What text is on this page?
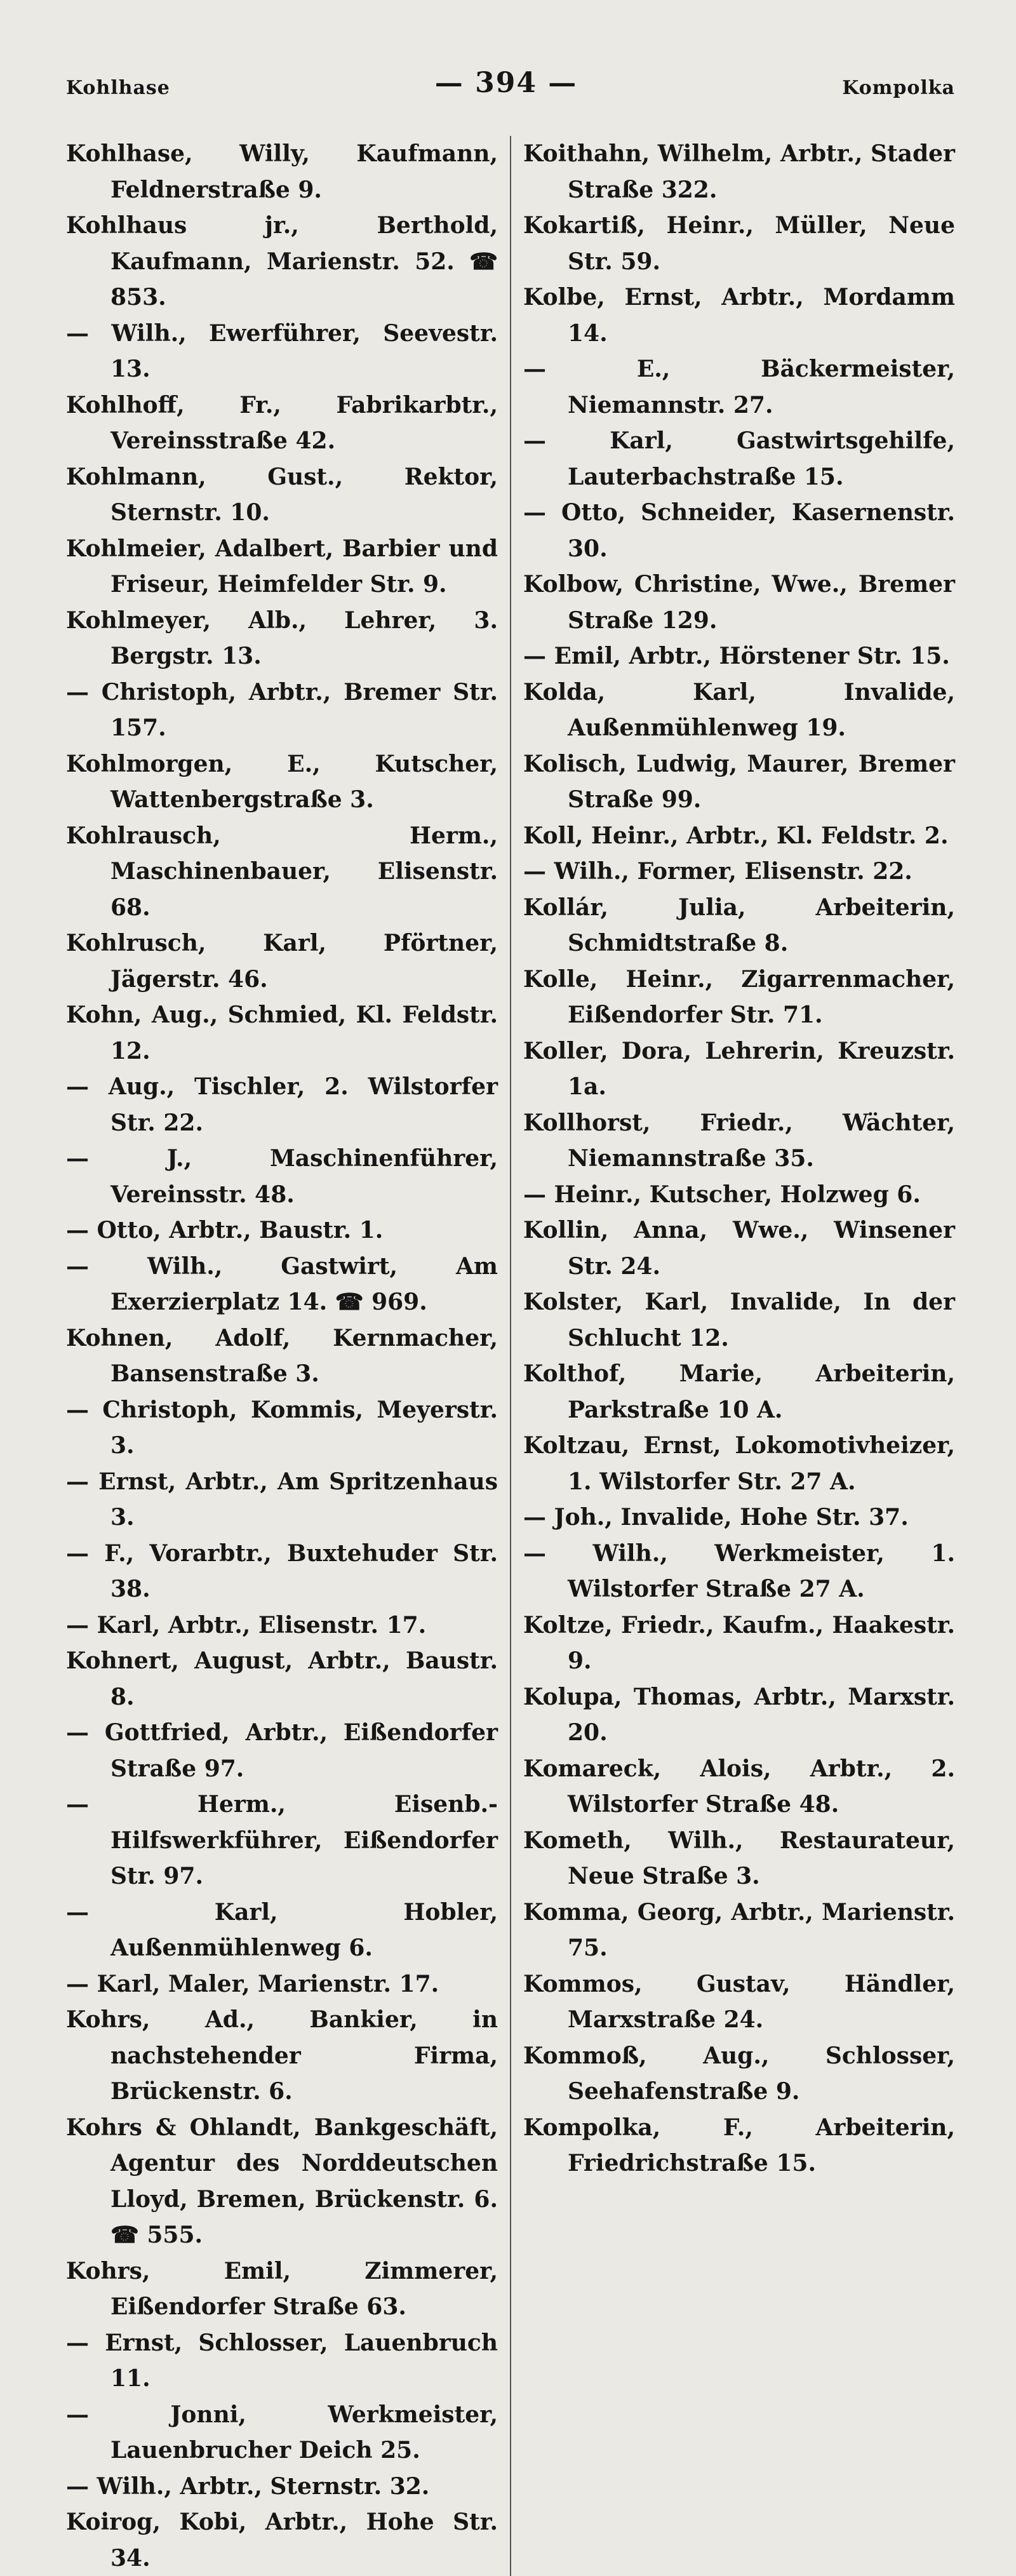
Kohlhase	— 394 —	Kompolka
Kohlhase, Willy, Kaufmann, Feldnerstraße 9.
Kohlhaus jr., Berthold, Kaufmann, Marienstr. 52. ☎ 853.
— Wilh., Ewerführer, Seevestr. 13.
Kohlhoff, Fr., Fabrikarbtr., Vereinsstraße 42.
Kohlmann, Gust., Rektor, Sternstr. 10.
Kohlmeier, Adalbert, Barbier und Friseur, Heimfelder Str. 9.
Kohlmeyer, Alb., Lehrer, 3. Bergstr. 13.
— Christoph, Arbtr., Bremer Str. 157.
Kohlmorgen, E., Kutscher, Wattenbergstraße 3.
Kohlrausch, Herm., Maschinenbauer, Elisenstr. 68.
Kohlrusch, Karl, Pförtner, Jägerstr. 46.
Kohn, Aug., Schmied, Kl. Feldstr. 12.
— Aug., Tischler, 2. Wilstorfer Str. 22.
— J., Maschinenführer, Vereinsstr. 48.
— Otto, Arbtr., Baustr. 1.
— Wilh., Gastwirt, Am Exerzierplatz 14. ☎ 969.
Kohnen, Adolf, Kernmacher, Bansenstraße 3.
— Christoph, Kommis, Meyerstr. 3.
— Ernst, Arbtr., Am Spritzenhaus 3.
— F., Vorarbtr., Buxtehuder Str. 38.
— Karl, Arbtr., Elisenstr. 17.
Kohnert, August, Arbtr., Baustr. 8.
— Gottfried, Arbtr., Eißendorfer Straße 97.
— Herm., Eisenb.-Hilfswerkführer, Eißendorfer Str. 97.
— Karl, Hobler, Außenmühlenweg 6.
— Karl, Maler, Marienstr. 17.
Kohrs, Ad., Bankier, in nachstehender Firma, Brückenstr. 6.
Kohrs & Ohlandt, Bankgeschäft, Agentur des Norddeutschen Lloyd, Bremen, Brückenstr. 6. ☎ 555.
Kohrs, Emil, Zimmerer, Eißendorfer Straße 63.
— Ernst, Schlosser, Lauenbruch 11.
— Jonni, Werkmeister, Lauenbrucher Deich 25.
— Wilh., Arbtr., Sternstr. 32.
Koirog, Kobi, Arbtr., Hohe Str. 34.
Koithahn, Wilhelm, Arbtr., Stader Straße 322.
Kokartiß, Heinr., Müller, Neue Str. 59.
Kolbe, Ernst, Arbtr., Mordamm 14.
— E., Bäckermeister, Niemannstr. 27.
— Karl, Gastwirtsgehilfe, Lauterbachstraße 15.
— Otto, Schneider, Kasernenstr. 30.
Kolbow, Christine, Wwe., Bremer Straße 129.
— Emil, Arbtr., Hörstener Str. 15.
Kolda, Karl, Invalide, Außenmühlenweg 19.
Kolisch, Ludwig, Maurer, Bremer Straße 99.
Koll, Heinr., Arbtr., Kl. Feldstr. 2.
— Wilh., Former, Elisenstr. 22.
Kollár, Julia, Arbeiterin, Schmidtstraße 8.
Kolle, Heinr., Zigarrenmacher, Eißendorfer Str. 71.
Koller, Dora, Lehrerin, Kreuzstr. 1a.
Kollhorst, Friedr., Wächter, Niemannstraße 35.
— Heinr., Kutscher, Holzweg 6.
Kollin, Anna, Wwe., Winsener Str. 24.
Kolster, Karl, Invalide, In der Schlucht 12.
Kolthof, Marie, Arbeiterin, Parkstraße 10 A.
Koltzau, Ernst, Lokomotivheizer, 1. Wilstorfer Str. 27 A.
— Joh., Invalide, Hohe Str. 37.
— Wilh., Werkmeister, 1. Wilstorfer Straße 27 A.
Koltze, Friedr., Kaufm., Haakestr. 9.
Kolupa, Thomas, Arbtr., Marxstr. 20.
Komareck, Alois, Arbtr., 2. Wilstorfer Straße 48.
Kometh, Wilh., Restaurateur, Neue Straße 3.
Komma, Georg, Arbtr., Marienstr. 75.
Kommos, Gustav, Händler, Marxstraße 24.
Kommoß, Aug., Schlosser, Seehafenstraße 9.
Kompolka, F., Arbeiterin, Friedrichstraße 15.
